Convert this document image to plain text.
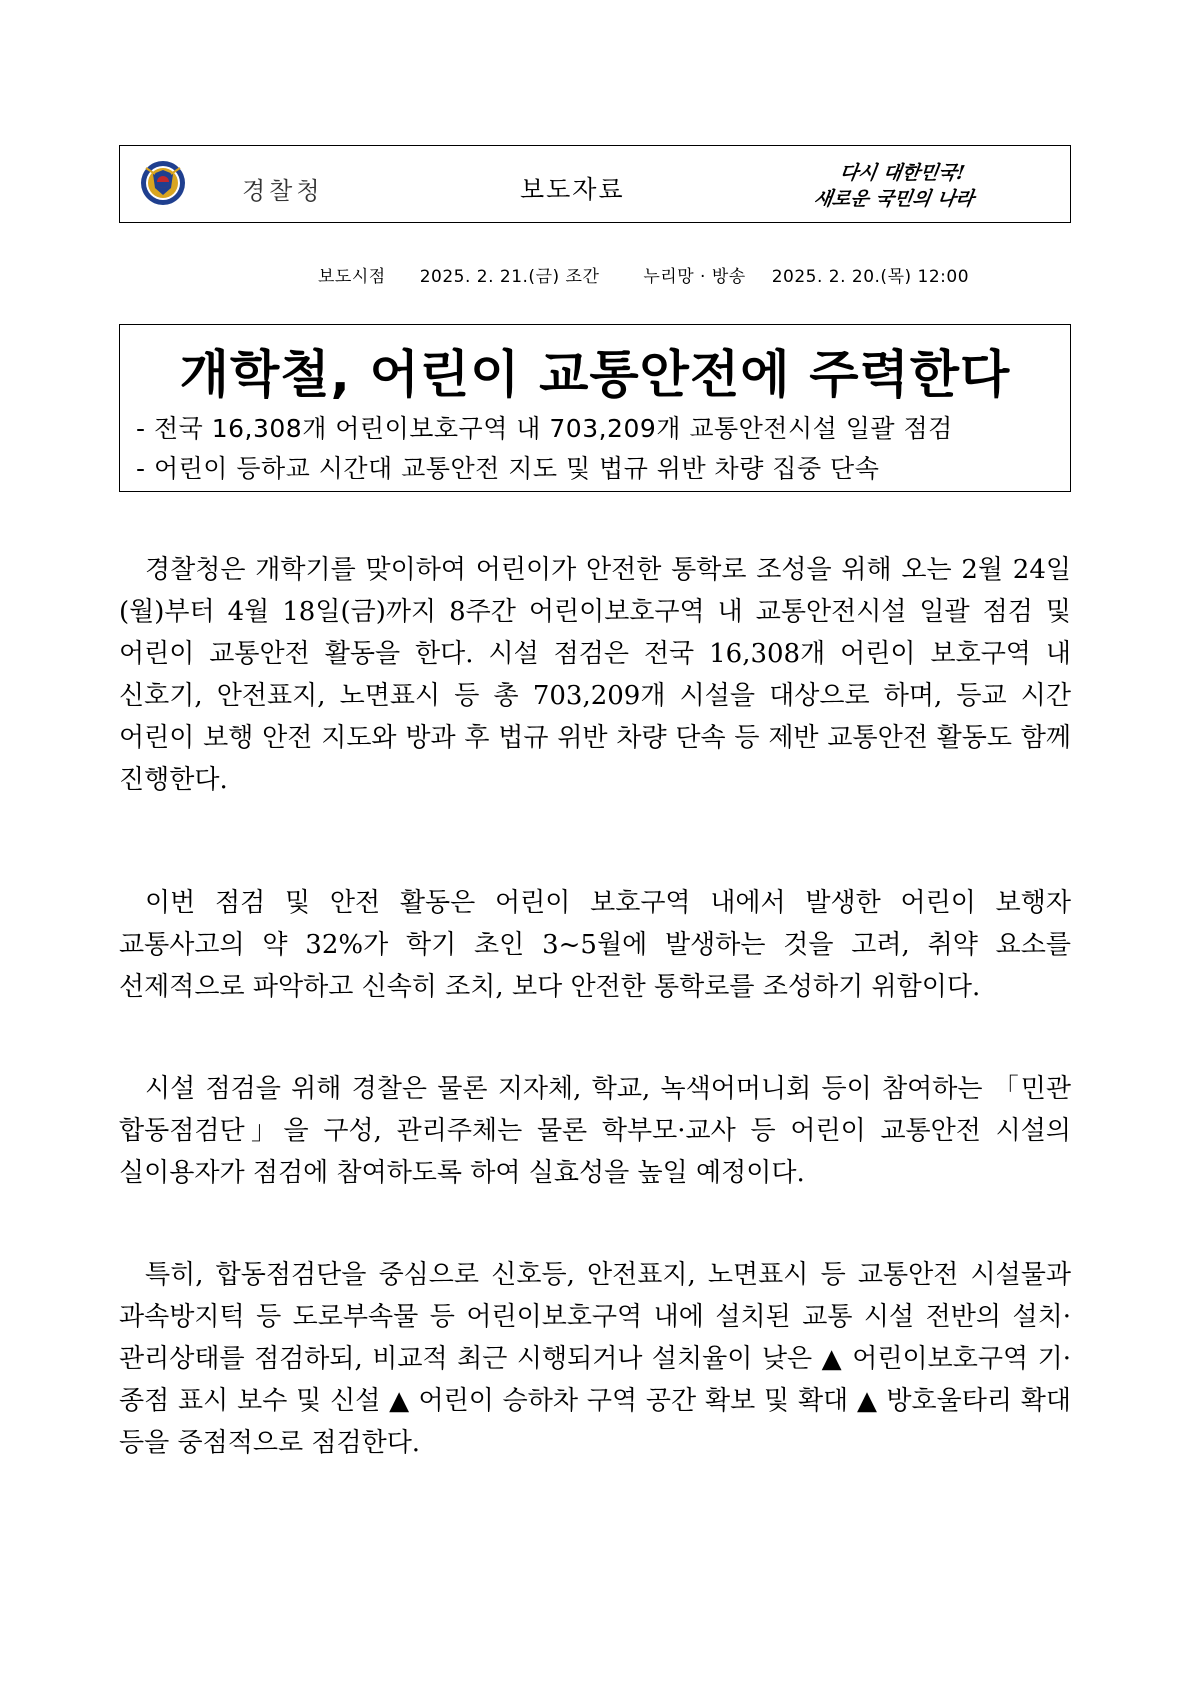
경찰청	보도자료
다시 대한민국!
새로운 국민의 나라
보도시점 2025. 2. 21.(금) 조간	누리망 · 방송 2025. 2. 20.(목) 12:00
개학철, 어린이 교통안전에 주력한다
- 전국 16,308개 어린이보호구역 내 703,209개 교통안전시설 일괄 점검
- 어린이 등하교 시간대 교통안전 지도 및 법규 위반 차량 집중 단속

경찰청은 개학기를 맞이하여 어린이가 안전한 통학로 조성을 위해 오는 2월 24일(월)부터 4월 18일(금)까지 8주간 어린이보호구역 내 교통안전시설 일괄 점검 및 어린이 교통안전 활동을 한다. 시설 점검은 전국 16,308개 어린이 보호구역 내 신호기, 안전표지, 노면표시 등 총 703,209개 시설을 대상으로 하며, 등교 시간 어린이 보행 안전 지도와 방과 후 법규 위반 차량 단속 등 제반 교통안전 활동도 함께 진행한다.

이번 점검 및 안전 활동은 어린이 보호구역 내에서 발생한 어린이 보행자 교통사고의 약 32%가 학기 초인 3~5월에 발생하는 것을 고려, 취약 요소를 선제적으로 파악하고 신속히 조치, 보다 안전한 통학로를 조성하기 위함이다.

시설 점검을 위해 경찰은 물론 지자체, 학교, 녹색어머니회 등이 참여하는 「민관 합동점검단」을 구성, 관리주체는 물론 학부모·교사 등 어린이 교통안전 시설의 실이용자가 점검에 참여하도록 하여 실효성을 높일 예정이다.

특히, 합동점검단을 중심으로 신호등, 안전표지, 노면표시 등 교통안전 시설물과 과속방지턱 등 도로부속물 등 어린이보호구역 내에 설치된 교통 시설 전반의 설치·관리상태를 점검하되, 비교적 최근 시행되거나 설치율이 낮은 ▲ 어린이보호구역 기·종점 표시 보수 및 신설 ▲ 어린이 승하차 구역 공간 확보 및 확대 ▲ 방호울타리 확대 등을 중점적으로 점검한다.
